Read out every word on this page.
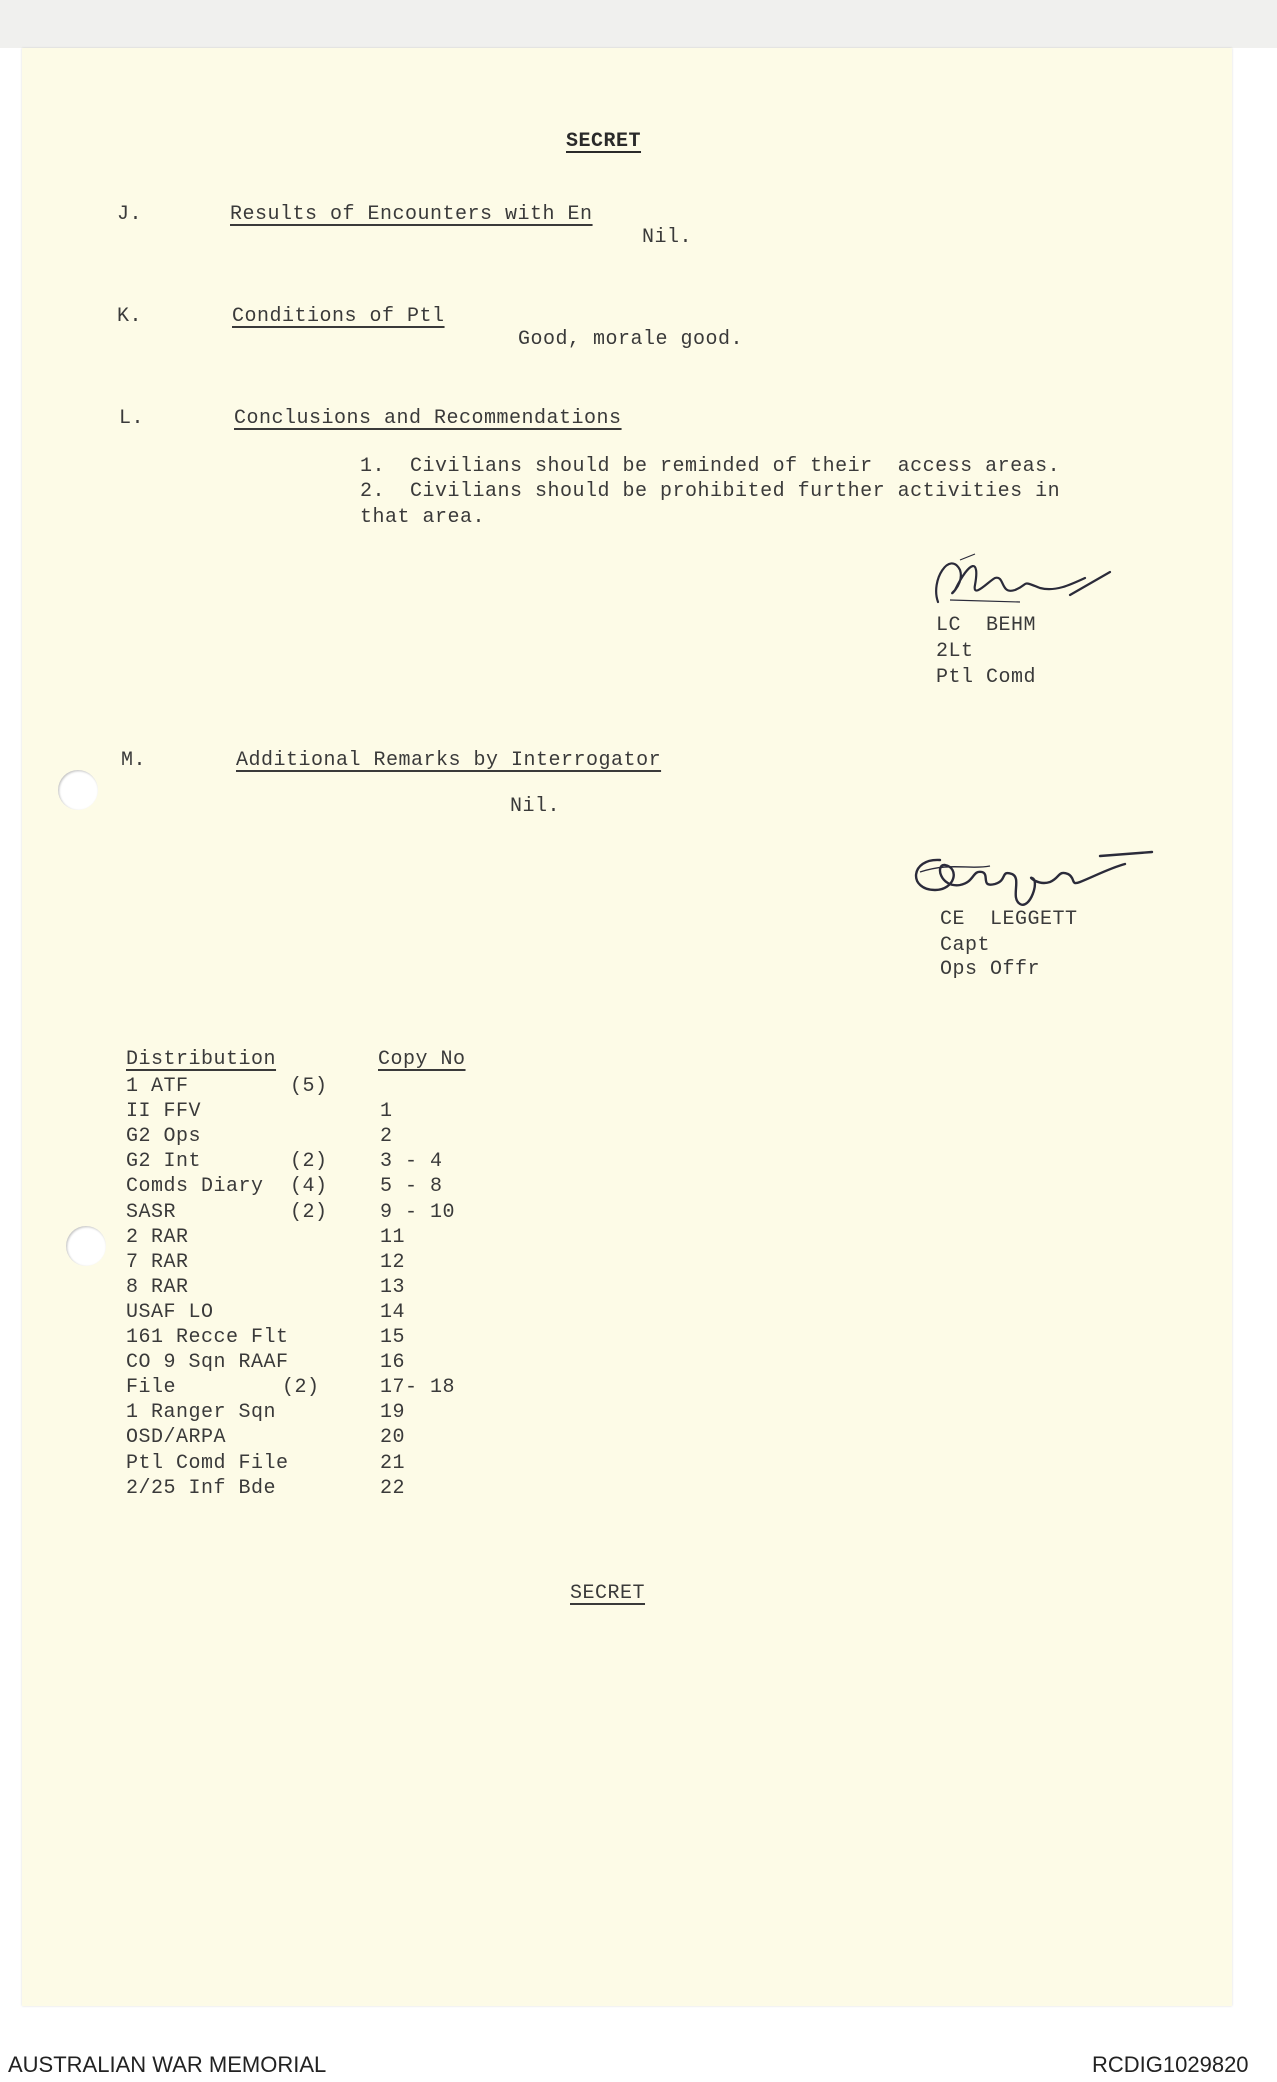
SECRET
J.	Results of Encounters with En
Nil.
K.	Conditions of Ptl
Good, morale good.
L.	Conclusions and Recommendations
1.  Civilians should be reminded of their  access areas.
2.  Civilians should be prohibited further activities in
that area.
LC  BEHM
2Lt
Ptl Comd
M.	Additional Remarks by Interrogator
Nil.
CE  LEGGETT
Capt
Ops Offr
Distribution	Copy No
1 ATF	(5)
II FFV	1
G2 Ops	2
G2 Int	(2)	3 - 4
Comds Diary (4)	5 - 8
SASR	(2)	9 - 10
2 RAR	11
7 RAR	12
8 RAR	13
USAF LO	14
161 Recce Flt	15
CO 9 Sqn RAAF	16
File	(2)	17- 18
1 Ranger Sqn	19
OSD/ARPA	20
Ptl Comd File	21
2/25 Inf Bde	22
SECRET
AUSTRALIAN WAR MEMORIAL	RCDIG1029820
